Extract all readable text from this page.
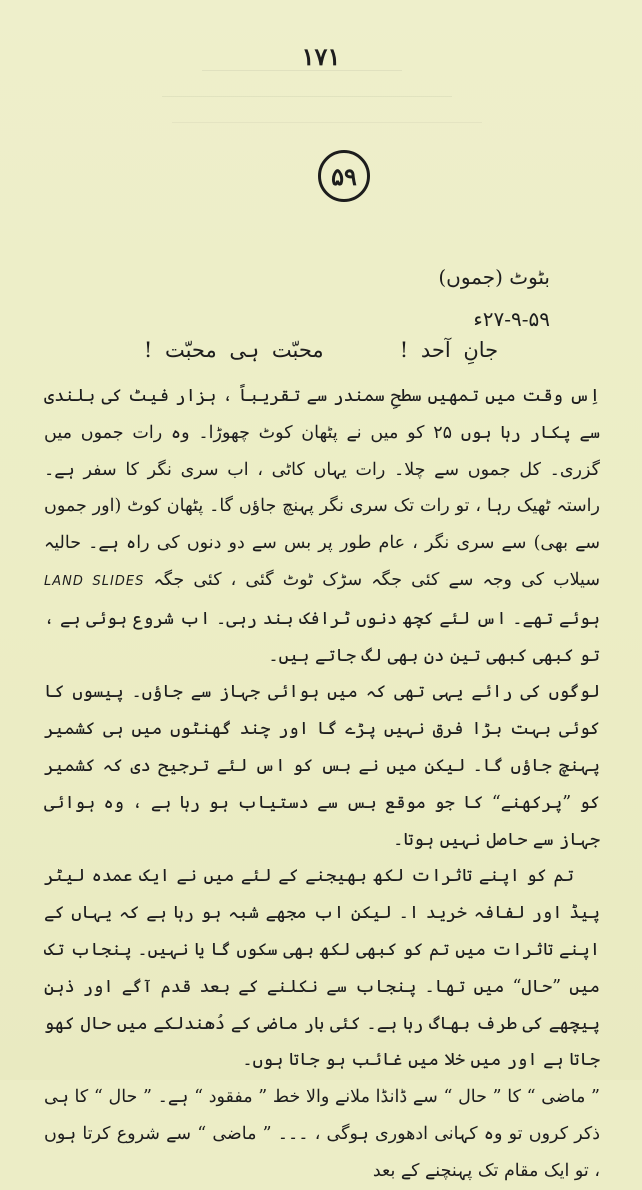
۱۷۱
۵۹
بٹوٹ (جموں)
۲۷-۹-۵۹ء
جانِ آحد !      محبّت ہی محبّت !

اِس وقت میں تمھیں سطحِ سمندر سے تقریباً ، ہزار فیٹ کی بلندی سے پکار رہا ہوں ۲۵ کو میں نے پٹھان کوٹ چھوڑا۔ وہ رات جموں میں گزری۔ کل جموں سے چلا۔ رات یہاں کاٹی ، اب سری نگر کا سفر ہے۔ راستہ ٹھیک رہا ، تو رات تک سری نگر پہنچ جاؤں گا۔ پٹھان کوٹ (اور جموں سے بھی) سے سری نگر ، عام طور پر بس سے دو دنوں کی راہ ہے۔ حالیہ سیلاب کی وجہ سے کئی جگہ سڑک ٹوٹ گئی ، کئی جگہ LAND SLIDES ہوئے تھے۔ اس لئے کچھ دنوں ٹرافک بند رہی۔ اب شروع ہوئی ہے ، تو کبھی کبھی تین دن بھی لگ جاتے ہیں۔

لوگوں کی رائے یہی تھی کہ میں ہوائی جہاز سے جاؤں۔ پیسوں کا کوئی بہت بڑا فرق نہیں پڑے گا اور چند گھنٹوں میں ہی کشمیر پہنچ جاؤں گا۔ لیکن میں نے بس کو اس لئے ترجیح دی کہ کشمیر کو ”پرکھنے“ کا جو موقع بس سے دستیاب ہو رہا ہے ، وہ ہوائی جہاز سے حاصل نہیں ہوتا۔

تم کو اپنے تاثرات لکھ بھیجنے کے لئے میں نے ایک عمدہ لیٹر پیڈ اور لفافہ خرید ا۔ لیکن اب مجھے شبہ ہو رہا ہے کہ یہاں کے اپنے تاثرات میں تم کو کبھی لکھ بھی سکوں گا یا نہیں۔ پنجاب تک میں ”حال“ میں تھا۔ پنجاب سے نکلنے کے بعد قدم آگے اور ذہن پیچھے کی طرف بھاگ رہا ہے۔ کئی بار ماضی کے دُھندلکے میں حال کھو جاتا ہے اور میں خلا میں غائب ہو جاتا ہوں۔

” ماضی “ کا ” حال “ سے ڈانڈا ملانے والا خط ” مفقود “ ہے۔ ” حال “ کا ہی ذکر کروں تو وہ کہانی ادھوری ہوگی ، ۔۔۔ ” ماضی “ سے شروع کرتا ہوں ، تو ایک مقام تک پہنچنے کے بعد
